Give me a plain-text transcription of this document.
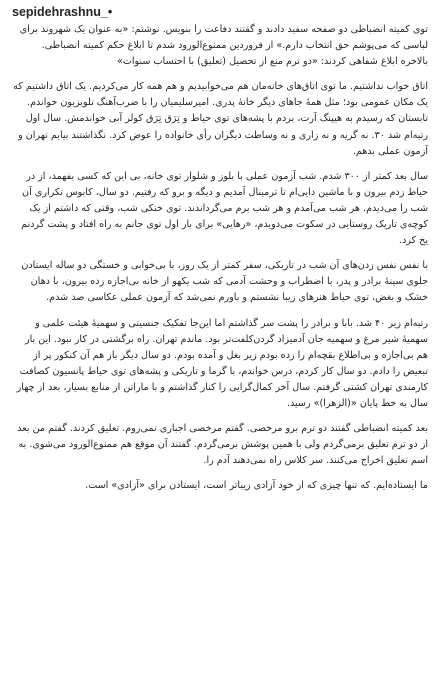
sepidehrashnu_ •

توی کمیته انضباطی دو صفحه سفید دادند و گفتند دفاعت را بنویس. نوشتم: «به عنوان یک شهروند برای لباسی که می‌پوشم حق انتخاب دارم.» از فروردین ممنوع‌الورود شدم تا ابلاغ حکم کمیته انضباطی. بالاخره ابلاغ شفاهی کردند: «دو ترم منع از تحصیل (تعلیق) با احتساب سنوات»

اتاق خواب نداشتیم. ما توی اتاق‌های خانه‌مان هم می‌خوابیدیم و هم همه کار می‌کردیم. یک اتاق داشتیم که یک مکان عمومی بود؛ مثل همهٔ جاهای دیگر خانهٔ پدری. امیرسلیمیان را با ضرب‌آهنگ تلویزیون خواندم. تابستان که رسیدم به هیپنگ آرت، بردم با پشه‌های توی حیاط و تِرَق تِرَق کولر آبی خواندمش. سال اول رتبه‌ام شد ۳۰. نه گریه و نه زاری و نه وساطت دیگران رأی خانواده را عوض کرد. نگذاشتند بیایم تهران و آزمون عملی بدهم.

سال بعد کمتر از ۳۰۰ شدم. شب آزمون عملی با بلوز و شلوار توی خانه، بی این که کسی بفهمد، از در حیاط زدم بیرون و با ماشین دایی‌ام تا ترمینال آمدیم و دیگه و برو که رفتیم. دو سال، کابوس تکراری آن شب را می‌دیدم. هر شب می‌آمدم و هر شب برم می‌گرداندند. توی خنکی شب، وقتی که داشتم از یک کوچه‌ی تاریک روستایی در سکوت می‌دویدم، «رهایی» برای بار اول توی جانم به راه افتاد و پشت گردنم یخ کرد.

با نفس نفس زدن‌های آن شب در تاریکی، سفر کمتر از یک روز، با بی‌خوابی و خستگی دو ساله ایستادن جلوی سینهٔ برادر و پدر، با اضطراب و وحشت آدمی که شب یکهو از خانه بی‌اجازه زده بیرون، با دهان خشک و بغض، توی حیاط هنرهای زیبا نشستم و باورم نمی‌شد که آزمون عملی عکاسی صد شدم.

رتبه‌ام زیر ۴۰ شد. بابا و برادر را پشت سر گذاشتم اما این‌جا تفکیک جنسیتی و سهمیهٔ هیئت علمی و سهمیهٔ شیر مرغ و سهمیه جان آدمیزاد گردن‌کلفت‌تر بود. ماندم تهران. راه برگشتی در کار نبود. این بار هم بی‌اجازه و بی‌اطلاع بقچه‌ام را زده بودم زیر بغل و آمده بودم. دو سال دیگر باز هم آن کنکور پر از تبعیض را دادم. دو سال کار کردم، درس خواندم، با گرما و تاریکی و پشه‌های توی حیاط پانسیون کصافت کارمندی تهران کشتی گرفتم. سال آخر کمال‌گرایی را کنار گذاشتم و با ماراتن از منابع بسیار، بعد از چهار سال به خط پایان «(الزهرا)» رسید.

بعد کمیته انضباطی گفتند دو ترم برو مرخصی. گفتم مرخصی اجباری نمی‌روم. تعلیق کردند. گفتم من بعد از دو ترم تعلیق برمی‌گردم ولی با همین پوشش برمی‌گردم. گفتند آن موقع هم ممنوع‌الورود می‌شوی. به اسم تعلیق اخراج می‌کنند. سر کلاس راه نمی‌دهند آدم را.

ما ایستاده‌ایم. که تنها چیزی که از خود آزادی زیباتر است، ایستادن برای «آزادی» است.
